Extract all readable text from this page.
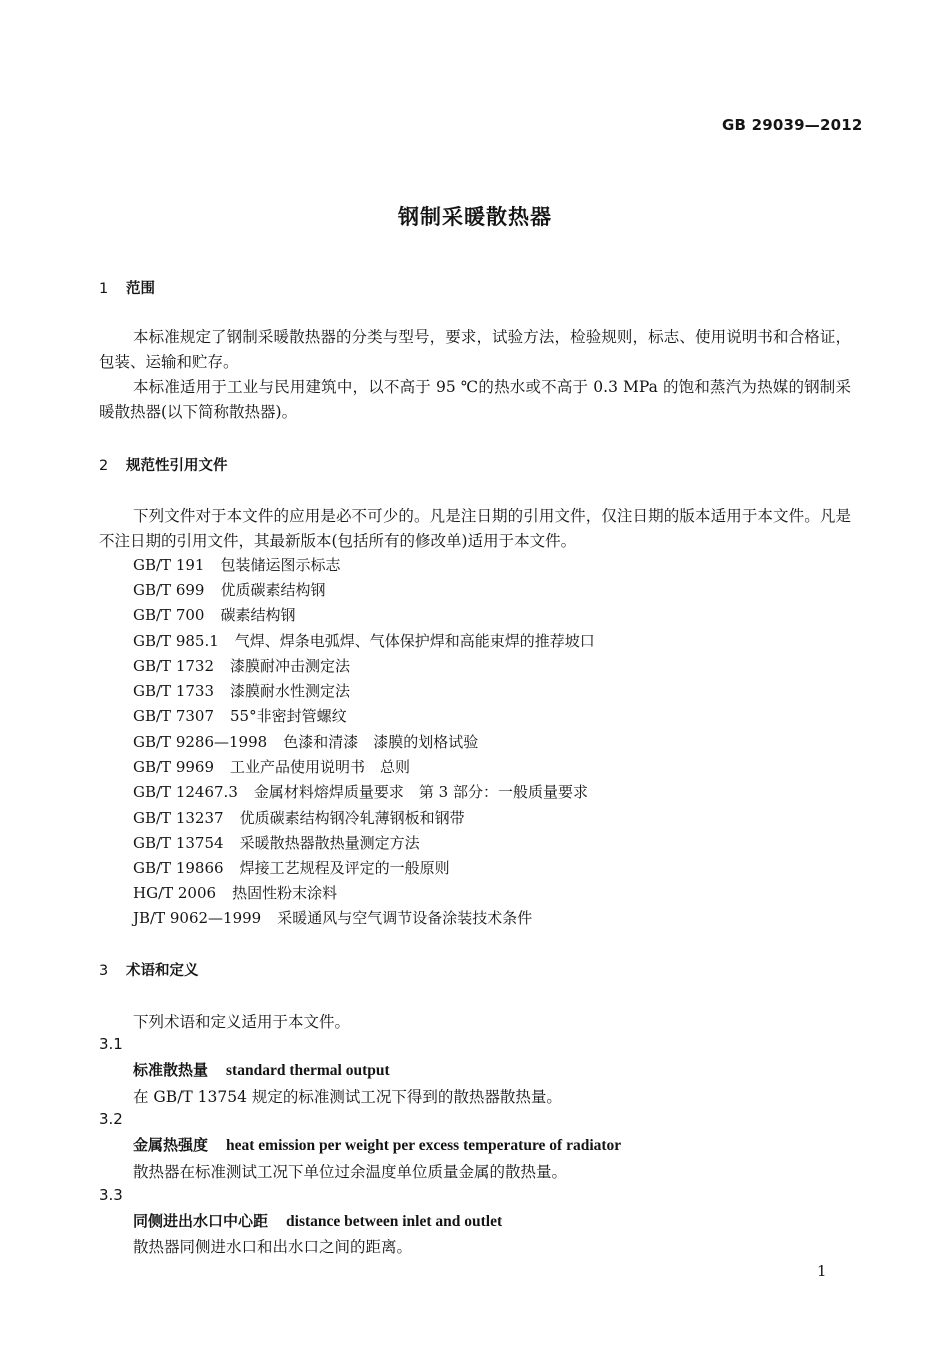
GB 29039—2012
钢制采暖散热器
1 范围
本标准规定了钢制采暖散热器的分类与型号，要求，试验方法，检验规则，标志、使用说明书和合格证，包装、运输和贮存。
本标准适用于工业与民用建筑中，以不高于 95 ℃的热水或不高于 0.3 MPa 的饱和蒸汽为热媒的钢制采暖散热器(以下简称散热器)。
2 规范性引用文件
下列文件对于本文件的应用是必不可少的。凡是注日期的引用文件，仅注日期的版本适用于本文件。凡是不注日期的引用文件，其最新版本(包括所有的修改单)适用于本文件。
GB/T 191 包装储运图示标志
GB/T 699 优质碳素结构钢
GB/T 700 碳素结构钢
GB/T 985.1 气焊、焊条电弧焊、气体保护焊和高能束焊的推荐坡口
GB/T 1732 漆膜耐冲击测定法
GB/T 1733 漆膜耐水性测定法
GB/T 7307 55°非密封管螺纹
GB/T 9286—1998 色漆和清漆　漆膜的划格试验
GB/T 9969 工业产品使用说明书　总则
GB/T 12467.3 金属材料熔焊质量要求　第 3 部分：一般质量要求
GB/T 13237 优质碳素结构钢冷轧薄钢板和钢带
GB/T 13754 采暖散热器散热量测定方法
GB/T 19866 焊接工艺规程及评定的一般原则
HG/T 2006 热固性粉末涂料
JB/T 9062—1999 采暖通风与空气调节设备涂装技术条件
3 术语和定义
下列术语和定义适用于本文件。
3.1
标准散热量 standard thermal output
在 GB/T 13754 规定的标准测试工况下得到的散热器散热量。
3.2
金属热强度 heat emission per weight per excess temperature of radiator
散热器在标准测试工况下单位过余温度单位质量金属的散热量。
3.3
同侧进出水口中心距 distance between inlet and outlet
散热器同侧进水口和出水口之间的距离。
1
